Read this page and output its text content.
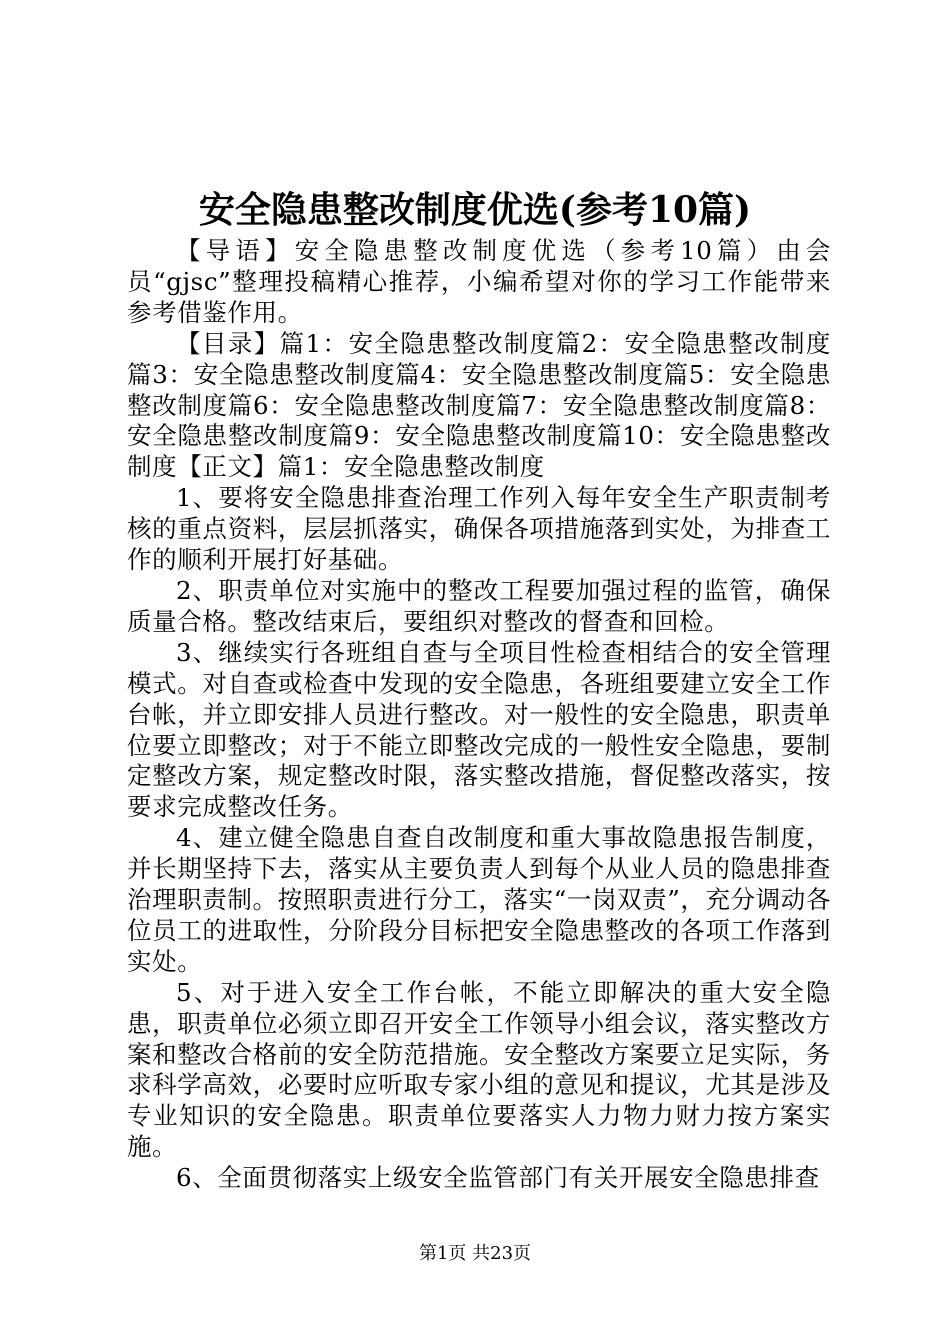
安全隐患整改制度优选(参考10篇)

【导语】安全隐患整改制度优选（参考10篇）由会员“gjsc”整理投稿精心推荐，小编希望对你的学习工作能带来参考借鉴作用。

【目录】篇1：安全隐患整改制度篇2：安全隐患整改制度篇3：安全隐患整改制度篇4：安全隐患整改制度篇5：安全隐患整改制度篇6：安全隐患整改制度篇7：安全隐患整改制度篇8：安全隐患整改制度篇9：安全隐患整改制度篇10：安全隐患整改制度【正文】篇1：安全隐患整改制度

1、要将安全隐患排查治理工作列入每年安全生产职责制考核的重点资料，层层抓落实，确保各项措施落到实处，为排查工作的顺利开展打好基础。

2、职责单位对实施中的整改工程要加强过程的监管，确保质量合格。整改结束后，要组织对整改的督查和回检。

3、继续实行各班组自查与全项目性检查相结合的安全管理模式。对自查或检查中发现的安全隐患，各班组要建立安全工作台帐，并立即安排人员进行整改。对一般性的安全隐患，职责单位要立即整改；对于不能立即整改完成的一般性安全隐患，要制定整改方案，规定整改时限，落实整改措施，督促整改落实，按要求完成整改任务。

4、建立健全隐患自查自改制度和重大事故隐患报告制度，并长期坚持下去，落实从主要负责人到每个从业人员的隐患排查治理职责制。按照职责进行分工，落实“一岗双责”，充分调动各位员工的进取性，分阶段分目标把安全隐患整改的各项工作落到实处。

5、对于进入安全工作台帐，不能立即解决的重大安全隐患，职责单位必须立即召开安全工作领导小组会议，落实整改方案和整改合格前的安全防范措施。安全整改方案要立足实际，务求科学高效，必要时应听取专家小组的意见和提议，尤其是涉及专业知识的安全隐患。职责单位要落实人力物力财力按方案实施。

6、全面贯彻落实上级安全监管部门有关开展安全隐患排查

第1页 共23页
